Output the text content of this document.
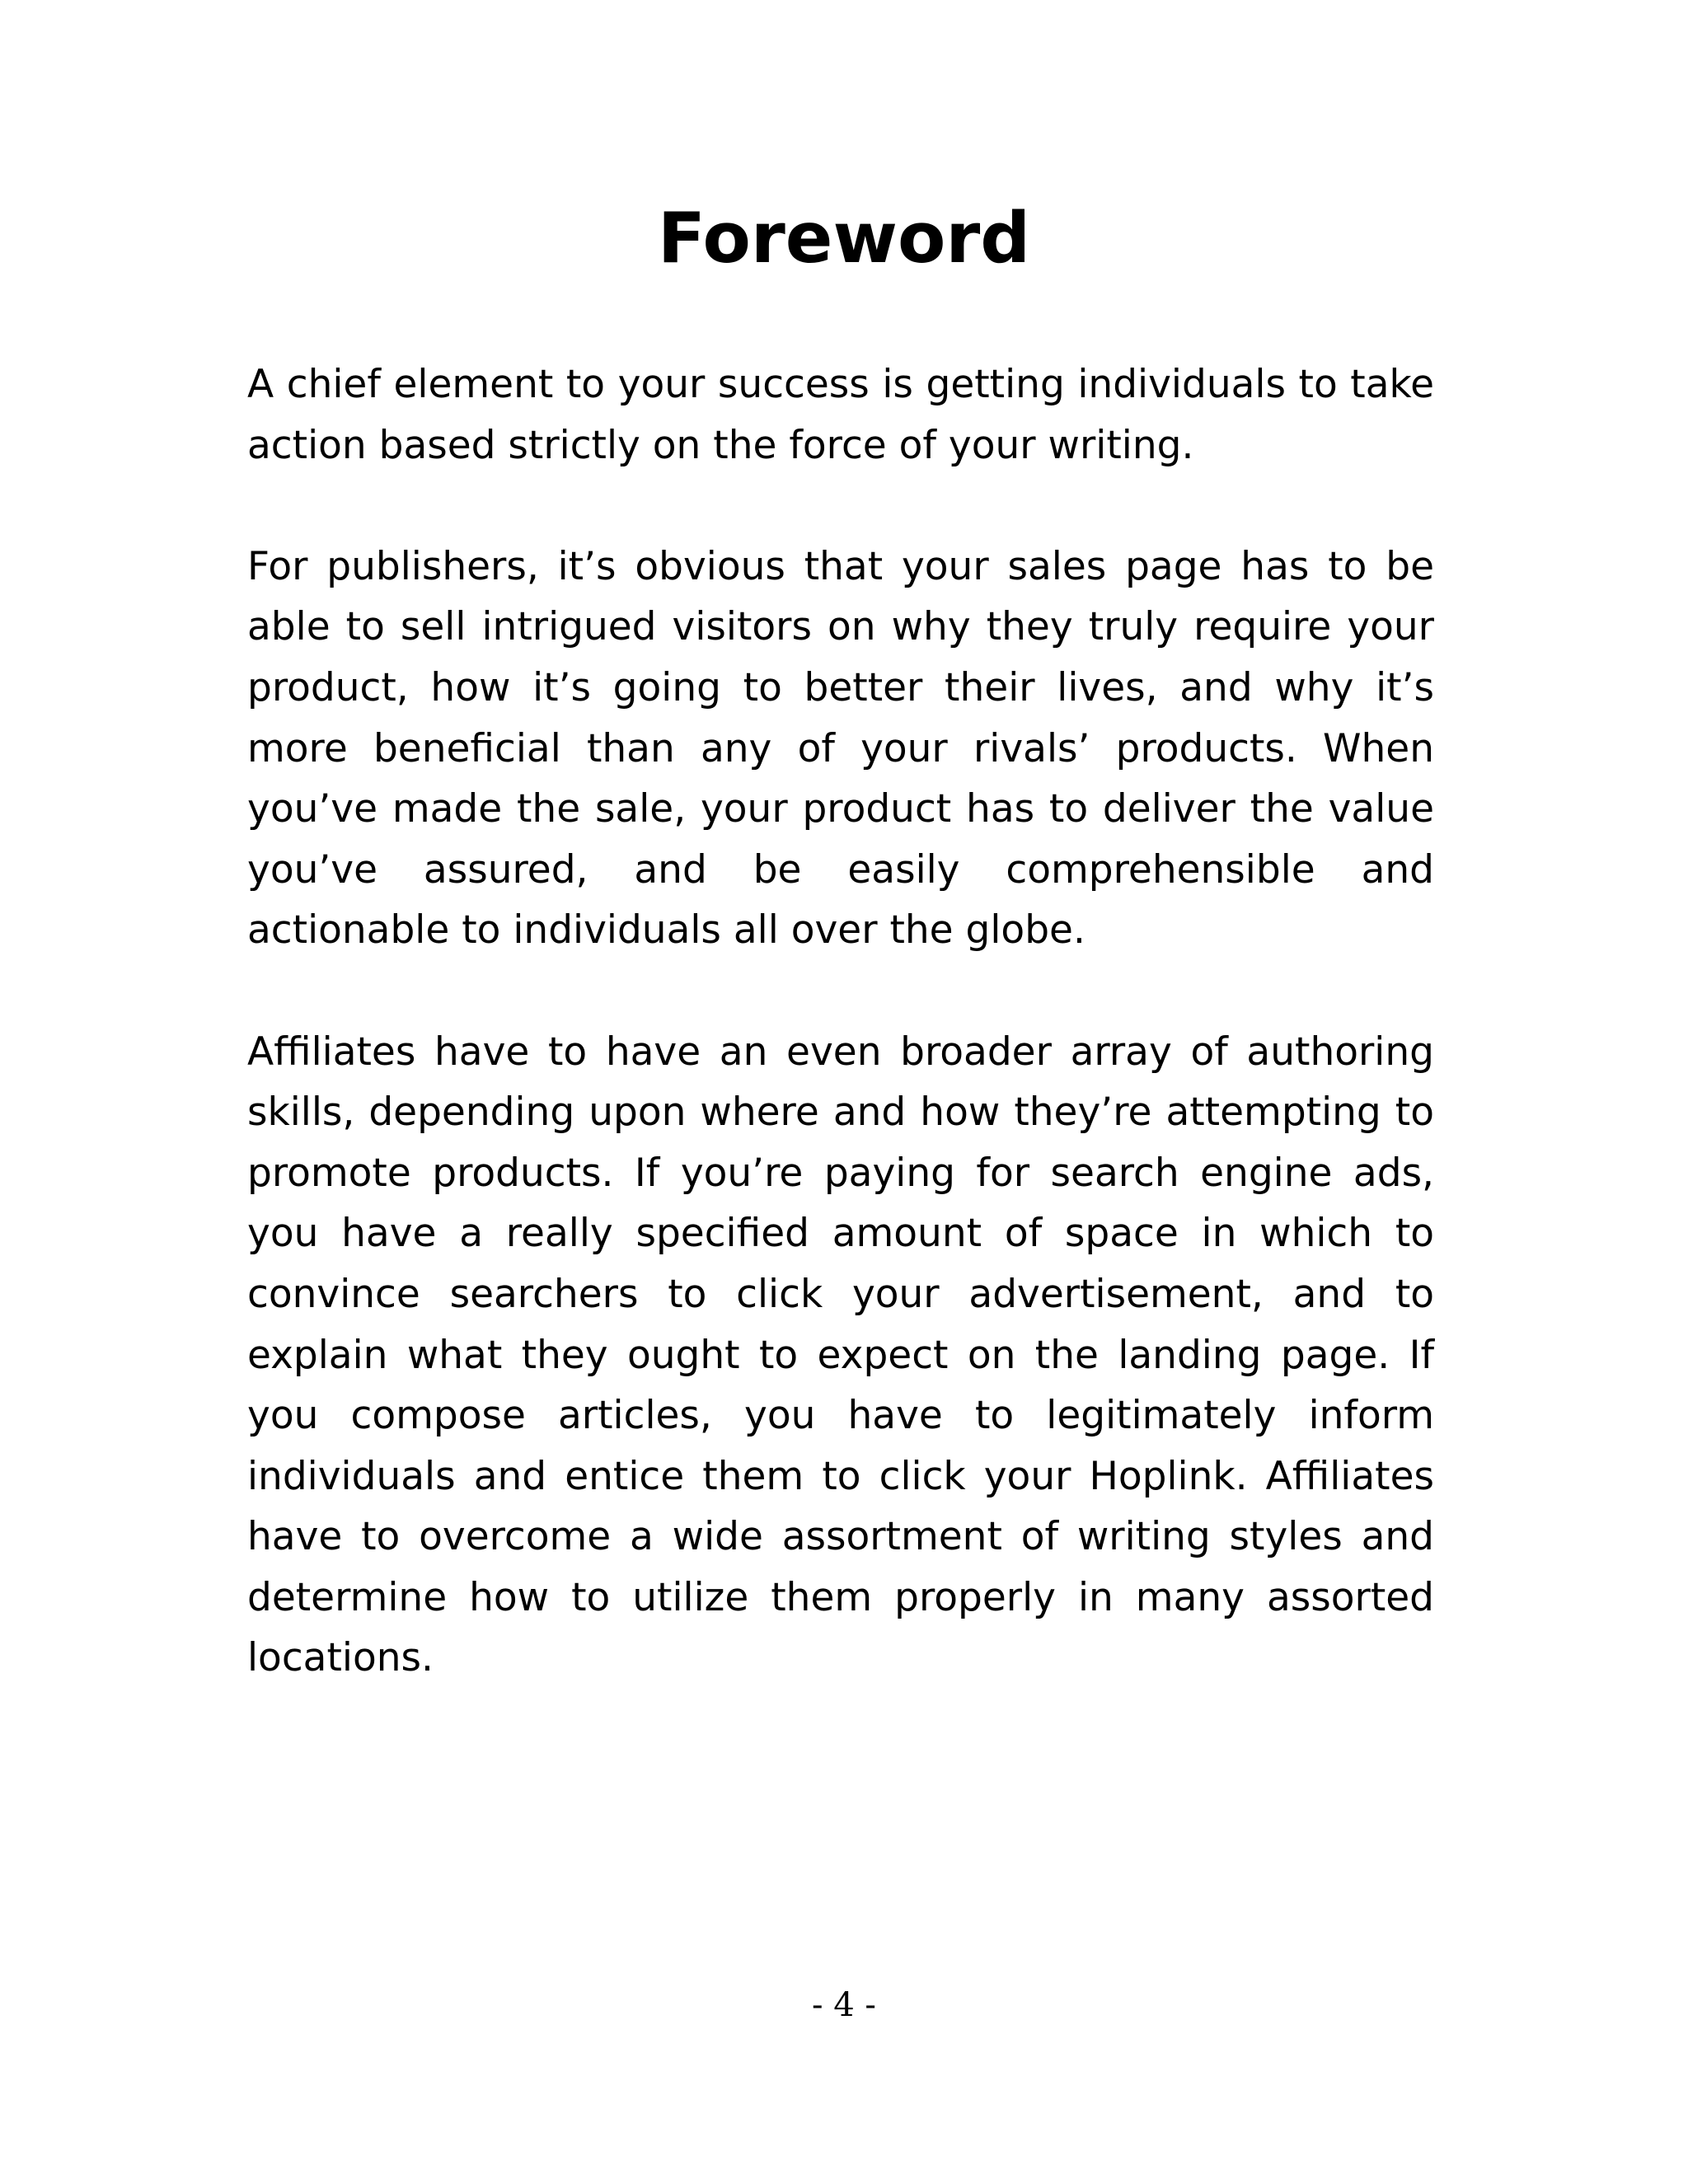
Foreword

A chief element to your success is getting individuals to take action based strictly on the force of your writing.

For publishers, it’s obvious that your sales page has to be able to sell intrigued visitors on why they truly require your product, how it’s going to better their lives, and why it’s more beneficial than any of your rivals’ products. When you’ve made the sale, your product has to deliver the value you’ve assured, and be easily comprehensible and actionable to individuals all over the globe.

Affiliates have to have an even broader array of authoring skills, depending upon where and how they’re attempting to promote products. If you’re paying for search engine ads, you have a really specified amount of space in which to convince searchers to click your advertisement, and to explain what they ought to expect on the landing page. If you compose articles, you have to legitimately inform individuals and entice them to click your Hoplink. Affiliates have to overcome a wide assortment of writing styles and determine how to utilize them properly in many assorted locations.

- 4 -
